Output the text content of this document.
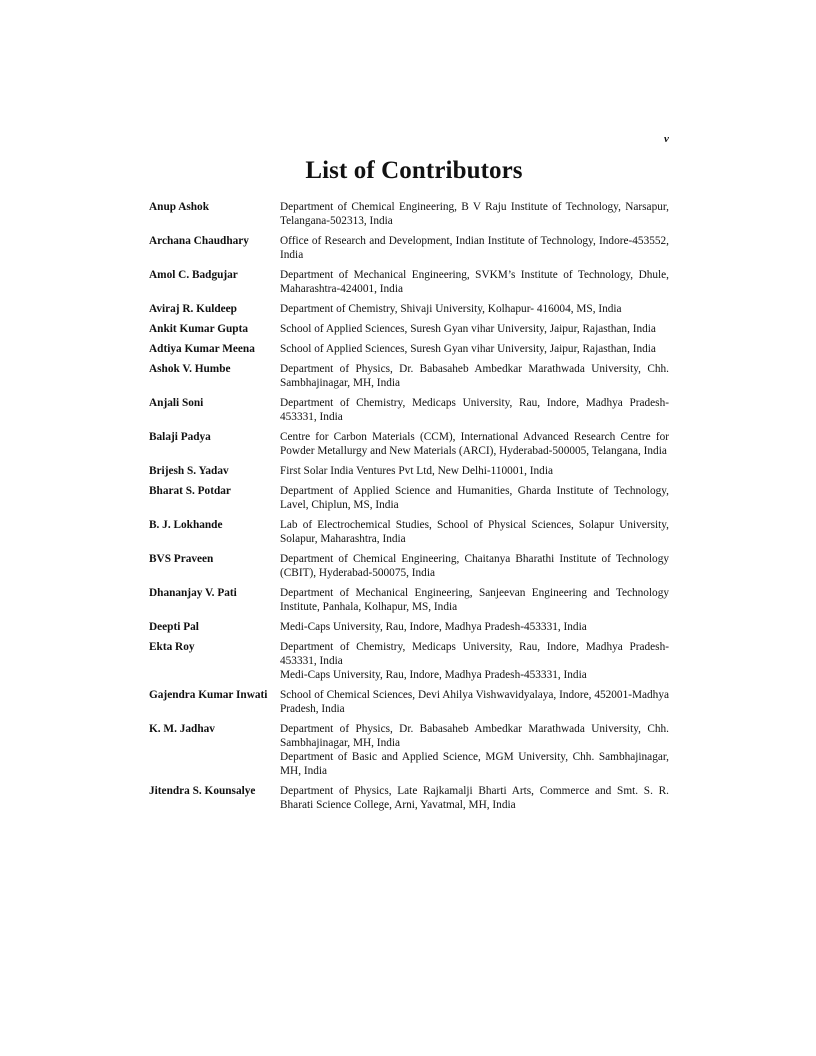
v
List of Contributors
Anup Ashok	Department of Chemical Engineering, B V Raju Institute of Technology, Narsapur, Telangana-502313, India
Archana Chaudhary	Office of Research and Development, Indian Institute of Technology, Indore-453552, India
Amol C. Badgujar	Department of Mechanical Engineering, SVKM’s Institute of Technology, Dhule, Maharashtra-424001, India
Aviraj R. Kuldeep	Department of Chemistry, Shivaji University, Kolhapur- 416004, MS, India
Ankit Kumar Gupta	School of Applied Sciences, Suresh Gyan vihar University, Jaipur, Rajasthan, India
Adtiya Kumar Meena	School of Applied Sciences, Suresh Gyan vihar University, Jaipur, Rajasthan, India
Ashok V. Humbe	Department of Physics, Dr. Babasaheb Ambedkar Marathwada University, Chh. Sambhajinagar, MH, India
Anjali Soni	Department of Chemistry, Medicaps University, Rau, Indore, Madhya Pradesh-453331, India
Balaji Padya	Centre for Carbon Materials (CCM), International Advanced Research Centre for Powder Metallurgy and New Materials (ARCI), Hyderabad-500005, Telangana, India
Brijesh S. Yadav	First Solar India Ventures Pvt Ltd, New Delhi-110001, India
Bharat S. Potdar	Department of Applied Science and Humanities, Gharda Institute of Technology, Lavel, Chiplun, MS, India
B. J. Lokhande	Lab of Electrochemical Studies, School of Physical Sciences, Solapur University, Solapur, Maharashtra, India
BVS Praveen	Department of Chemical Engineering, Chaitanya Bharathi Institute of Technology (CBIT), Hyderabad-500075, India
Dhananjay V. Pati	Department of Mechanical Engineering, Sanjeevan Engineering and Technology Institute, Panhala, Kolhapur, MS, India
Deepti Pal	Medi-Caps University, Rau, Indore, Madhya Pradesh-453331, India
Ekta Roy	Department of Chemistry, Medicaps University, Rau, Indore, Madhya Pradesh-453331, India
Medi-Caps University, Rau, Indore, Madhya Pradesh-453331, India
Gajendra Kumar Inwati	School of Chemical Sciences, Devi Ahilya Vishwavidyalaya, Indore, 452001-Madhya Pradesh, India
K. M. Jadhav	Department of Physics, Dr. Babasaheb Ambedkar Marathwada University, Chh. Sambhajinagar, MH, India
Department of Basic and Applied Science, MGM University, Chh. Sambhajinagar, MH, India
Jitendra S. Kounsalye	Department of Physics, Late Rajkamalji Bharti Arts, Commerce and Smt. S. R. Bharati Science College, Arni, Yavatmal, MH, India
